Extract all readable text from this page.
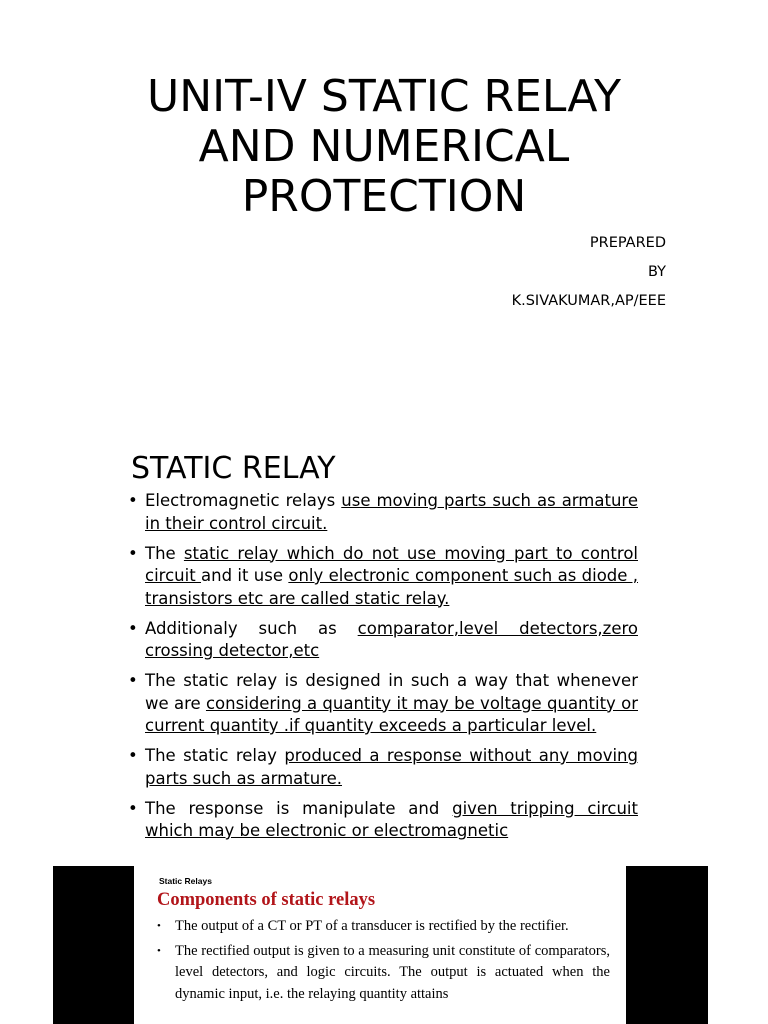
UNIT-IV STATIC RELAY
AND NUMERICAL
PROTECTION
PREPARED
BY
K.SIVAKUMAR,AP/EEE
STATIC RELAY
• Electromagnetic relays use moving parts such as armature in their control circuit.
• The static relay which do not use moving part to control circuit and it use only electronic component such as diode , transistors etc are called static relay.
• Additionaly such as comparator,level detectors,zero crossing detector,etc
• The static relay is designed in such a way that whenever we are considering a quantity it may be voltage quantity or current quantity .if quantity exceeds a particular level.
• The static relay produced a response without any moving parts such as armature.
• The response is manipulate and given tripping circuit which may be electronic or electromagnetic
Static Relays
Components of static relays
• The output of a CT or PT of a transducer is rectified by the rectifier.
• The rectified output is given to a measuring unit constitute of comparators, level detectors, and logic circuits. The output is actuated when the dynamic input, i.e. the relaying quantity attains
